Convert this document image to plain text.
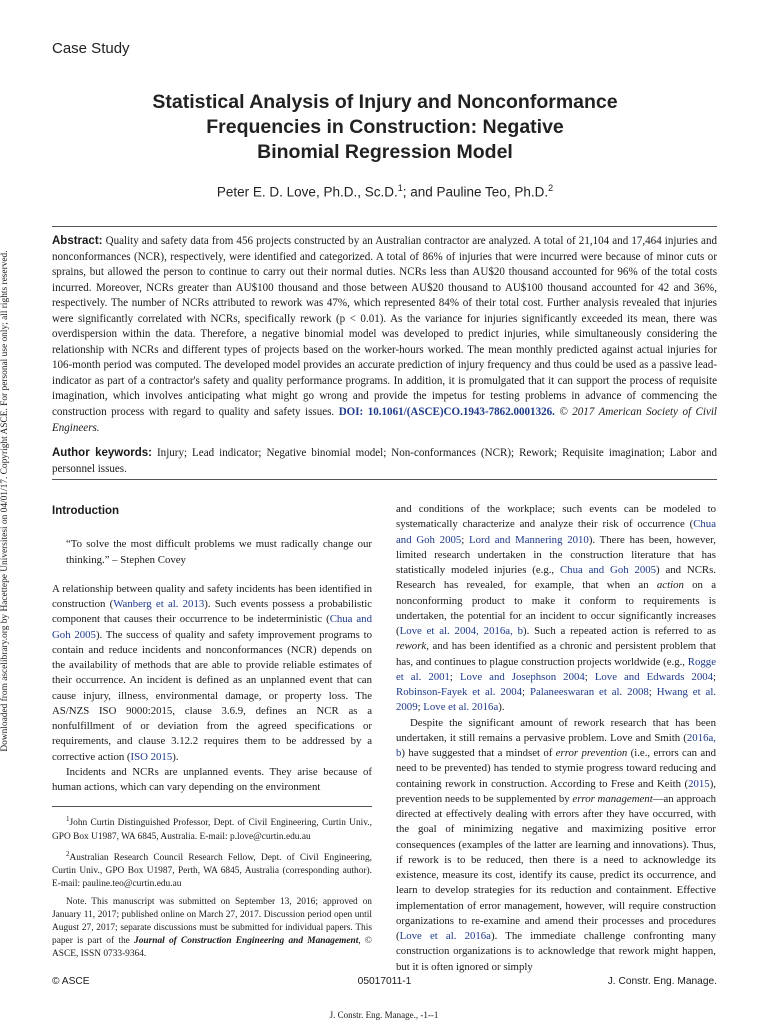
Downloaded from ascelibrary.org by Hacettepe Universitesi on 04/01/17. Copyright ASCE. For personal use only; all rights reserved.
Case Study
Statistical Analysis of Injury and Nonconformance
Frequencies in Construction: Negative
Binomial Regression Model
Peter E. D. Love, Ph.D., Sc.D.$^1$; and Pauline Teo, Ph.D.$^2$
Abstract: Quality and safety data from 456 projects constructed by an Australian contractor are analyzed. A total of 21,104 and 17,464 injuries and nonconformances (NCR), respectively, were identified and categorized. A total of 86% of injuries that were incurred were because of minor cuts or sprains, but allowed the person to continue to carry out their normal duties. NCRs less than AU$20 thousand accounted for 96% of the total costs incurred. Moreover, NCRs greater than AU$100 thousand and those between AU$20 thousand to AU$100 thousand accounted for 42 and 36%, respectively. The number of NCRs attributed to rework was 47%, which represented 84% of their total cost. Further analysis revealed that injuries were significantly correlated with NCRs, specifically rework (p < 0.01). As the variance for injuries significantly exceeded its mean, there was overdispersion within the data. Therefore, a negative binomial model was developed to predict injuries, while simultaneously considering the relationship with NCRs and different types of projects based on the worker-hours worked. The mean monthly predicted against actual injuries for 106-month period was computed. The developed model provides an accurate prediction of injury frequency and thus could be used as a passive lead-indicator as part of a contractor's safety and quality performance programs. In addition, it is promulgated that it can support the process of requisite imagination, which involves anticipating what might go wrong and provide the impetus for testing problems in advance of commencing the construction process with regard to quality and safety issues. DOI: 10.1061/(ASCE)CO.1943-7862.0001326. © 2017 American Society of Civil Engineers.
Author keywords: Injury; Lead indicator; Negative binomial model; Non-conformances (NCR); Rework; Requisite imagination; Labor and personnel issues.
Introduction
“To solve the most difficult problems we must radically change our thinking.” – Stephen Covey

A relationship between quality and safety incidents has been identified in construction (Wanberg et al. 2013). Such events possess a probabilistic component that causes their occurrence to be indeterministic (Chua and Goh 2005). The success of quality and safety improvement programs to contain and reduce incidents and nonconformances (NCR) depends on the availability of methods that are able to provide reliable estimates of their occurrence. An incident is defined as an unplanned event that can cause injury, illness, environmental damage, or property loss. The AS/NZS ISO 9000:2015, clause 3.6.9, defines an NCR as a nonfulfillment of or deviation from the agreed specifications or requirements, and clause 3.12.2 requires them to be addressed by a corrective action (ISO 2015).

Incidents and NCRs are unplanned events. They arise because of human actions, which can vary depending on the environment

$^1$John Curtin Distinguished Professor, Dept. of Civil Engineering, Curtin Univ., GPO Box U1987, WA 6845, Australia. E-mail: p.love@curtin.edu.au

$^2$Australian Research Council Research Fellow, Dept. of Civil Engineering, Curtin Univ., GPO Box U1987, Perth, WA 6845, Australia (corresponding author). E-mail: pauline.teo@curtin.edu.au

Note. This manuscript was submitted on September 13, 2016; approved on January 11, 2017; published online on March 27, 2017. Discussion period open until August 27, 2017; separate discussions must be submitted for individual papers. This paper is part of the Journal of Construction Engineering and Management, © ASCE, ISSN 0733-9364.

and conditions of the workplace; such events can be modeled to systematically characterize and analyze their risk of occurrence (Chua and Goh 2005; Lord and Mannering 2010). There has been, however, limited research undertaken in the construction literature that has statistically modeled injuries (e.g., Chua and Goh 2005) and NCRs. Research has revealed, for example, that when an action on a nonconforming product to make it conform to requirements is undertaken, the potential for an incident to occur significantly increases (Love et al. 2004, 2016a, b). Such a repeated action is referred to as rework, and has been identified as a chronic and persistent problem that has, and continues to plague construction projects worldwide (e.g., Rogge et al. 2001; Love and Josephson 2004; Love and Edwards 2004; Robinson-Fayek et al. 2004; Palaneeswaran et al. 2008; Hwang et al. 2009; Love et al. 2016a).

Despite the significant amount of rework research that has been undertaken, it still remains a pervasive problem. Love and Smith (2016a, b) have suggested that a mindset of error prevention (i.e., errors can and need to be prevented) has tended to stymie progress toward reducing and containing rework in construction. According to Frese and Keith (2015), prevention needs to be supplemented by error management—an approach directed at effectively dealing with errors after they have occurred, with the goal of minimizing negative and maximizing positive error consequences (examples of the latter are learning and innovations). Thus, if rework is to be reduced, then there is a need to acknowledge its existence, measure its cost, identify its cause, predict its occurrence, and learn to develop strategies for its reduction and containment. Effective implementation of error management, however, will require construction organizations to re-examine and amend their processes and procedures (Love et al. 2016a). The immediate challenge confronting many construction organizations is to acknowledge that rework might happen, but it is often ignored or simply

© ASCE	05017011-1	J. Constr. Eng. Manage.
J. Constr. Eng. Manage., -1--1
